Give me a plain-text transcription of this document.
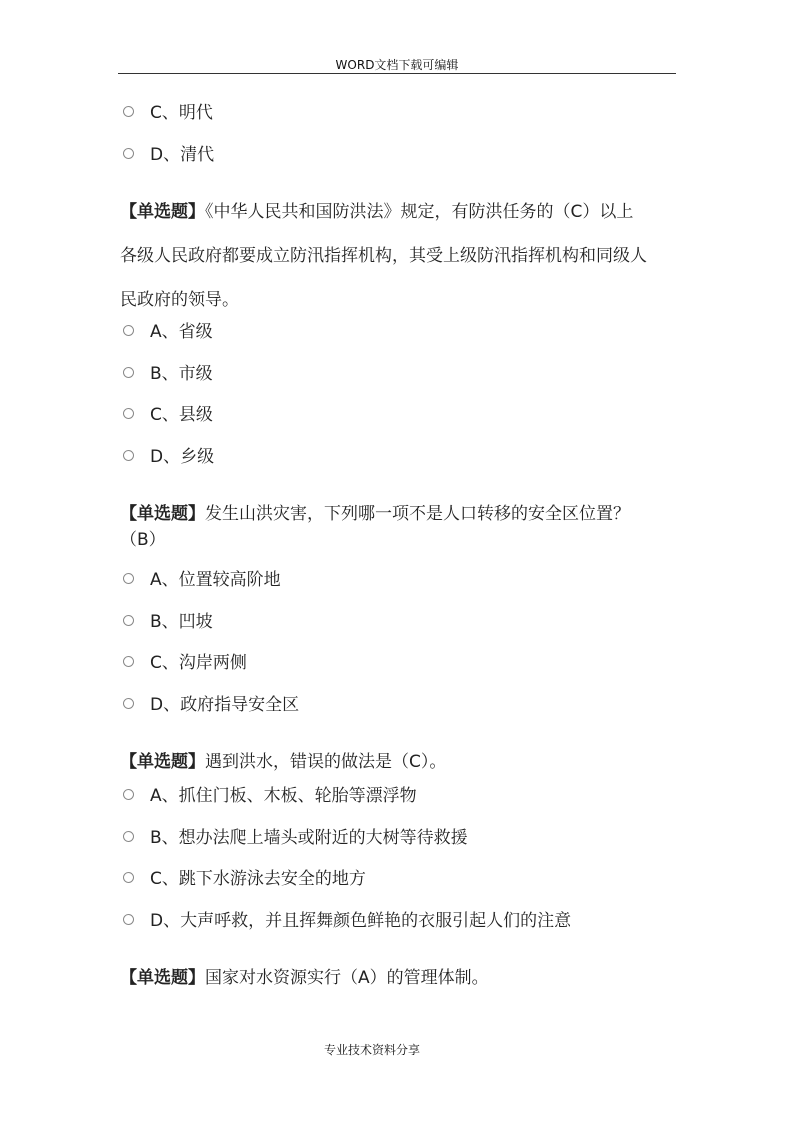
WORD文档下载可编辑
C、明代
D、清代
【单选题】《中华人民共和国防洪法》规定，有防洪任务的（C）以上
各级人民政府都要成立防汛指挥机构，其受上级防汛指挥机构和同级人
民政府的领导。
A、省级
B、市级
C、县级
D、乡级
【单选题】发生山洪灾害，下列哪一项不是人口转移的安全区位置？
（B）
A、位置较高阶地
B、凹坡
C、沟岸两侧
D、政府指导安全区
【单选题】遇到洪水，错误的做法是（C）。
A、抓住门板、木板、轮胎等漂浮物
B、想办法爬上墙头或附近的大树等待救援
C、跳下水游泳去安全的地方
D、大声呼救，并且挥舞颜色鲜艳的衣服引起人们的注意
【单选题】国家对水资源实行（A）的管理体制。
专业技术资料分享
